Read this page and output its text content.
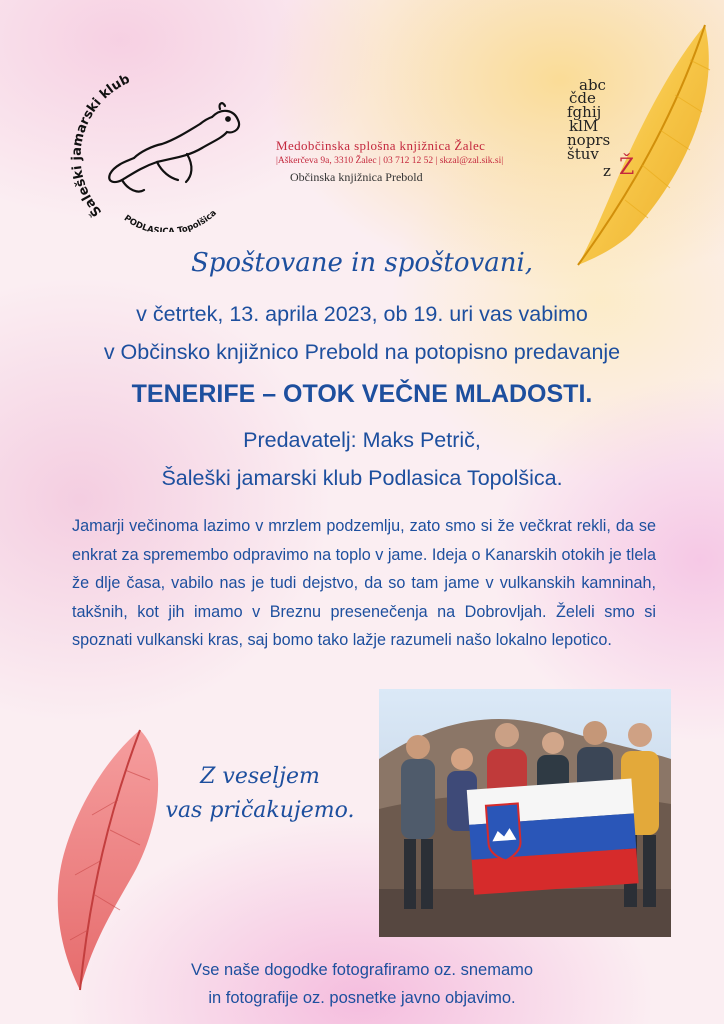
Šaleški jamarski klub
PODLASI A Topolšica
Medobčinska splošna knjižnica Žalec
|Aškerčeva 9a, 3310 Žalec | 03 712 12 52 | skzal@zal.sik.si|
Občinska knjižnica Prebold
abc
čde
fghij
klM
noprs
štuv
z Ž
Spoštovane in spoštovani,
v četrtek, 13. aprila 2023, ob 19. uri vas vabimo
v Občinsko knjižnico Prebold na potopisno predavanje
TENERIFE – OTOK VEČNE MLADOSTI.
Predavatelj: Maks Petrič,
Šaleški jamarski klub Podlasica Topolšica.
Jamarji večinoma lazimo v mrzlem podzemlju, zato smo si že večkrat rekli, da se enkrat za spremembo odpravimo na toplo v jame. Ideja o Kanarskih otokih je tlela že dlje časa, vabilo nas je tudi dejstvo, da so tam jame v vulkanskih kamninah, takšnih, kot jih imamo v Breznu presenečenja na Dobrovljah. Želeli smo si spoznati vulkanski kras, saj bomo tako lažje razumeli našo lokalno lepotico.
Z veseljem
vas pričakujemo.
Vse naše dogodke fotografiramo oz. snemamo
in fotografije oz. posnetke javno objavimo.
